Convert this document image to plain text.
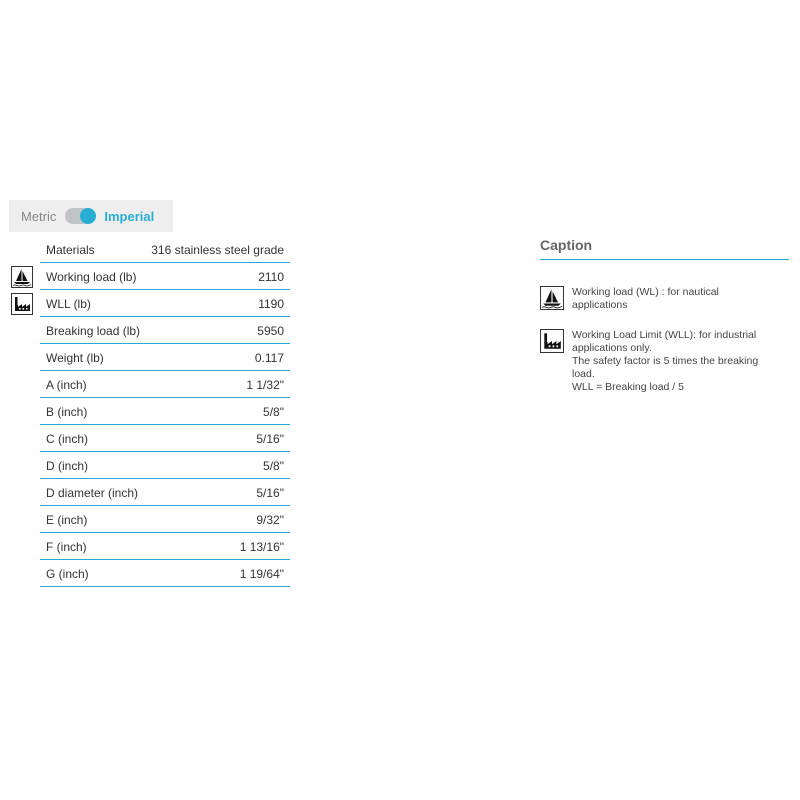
Metric	Imperial
Materials	316 stainless steel grade
Working load (lb)	2110
WLL (lb)	1190
Breaking load (lb)	5950
Weight (lb)	0.117
A (inch)	1 1/32"
B (inch)	5/8"
C (inch)	5/16"
D (inch)	5/8"
D diameter (inch)	5/16"
E (inch)	9/32"
F (inch)	1 13/16"
G (inch)	1 19/64"
Caption
Working load (WL) : for nautical
applications
Working Load Limit (WLL): for industrial
applications only.
The safety factor is 5 times the breaking
load.
WLL = Breaking load / 5
